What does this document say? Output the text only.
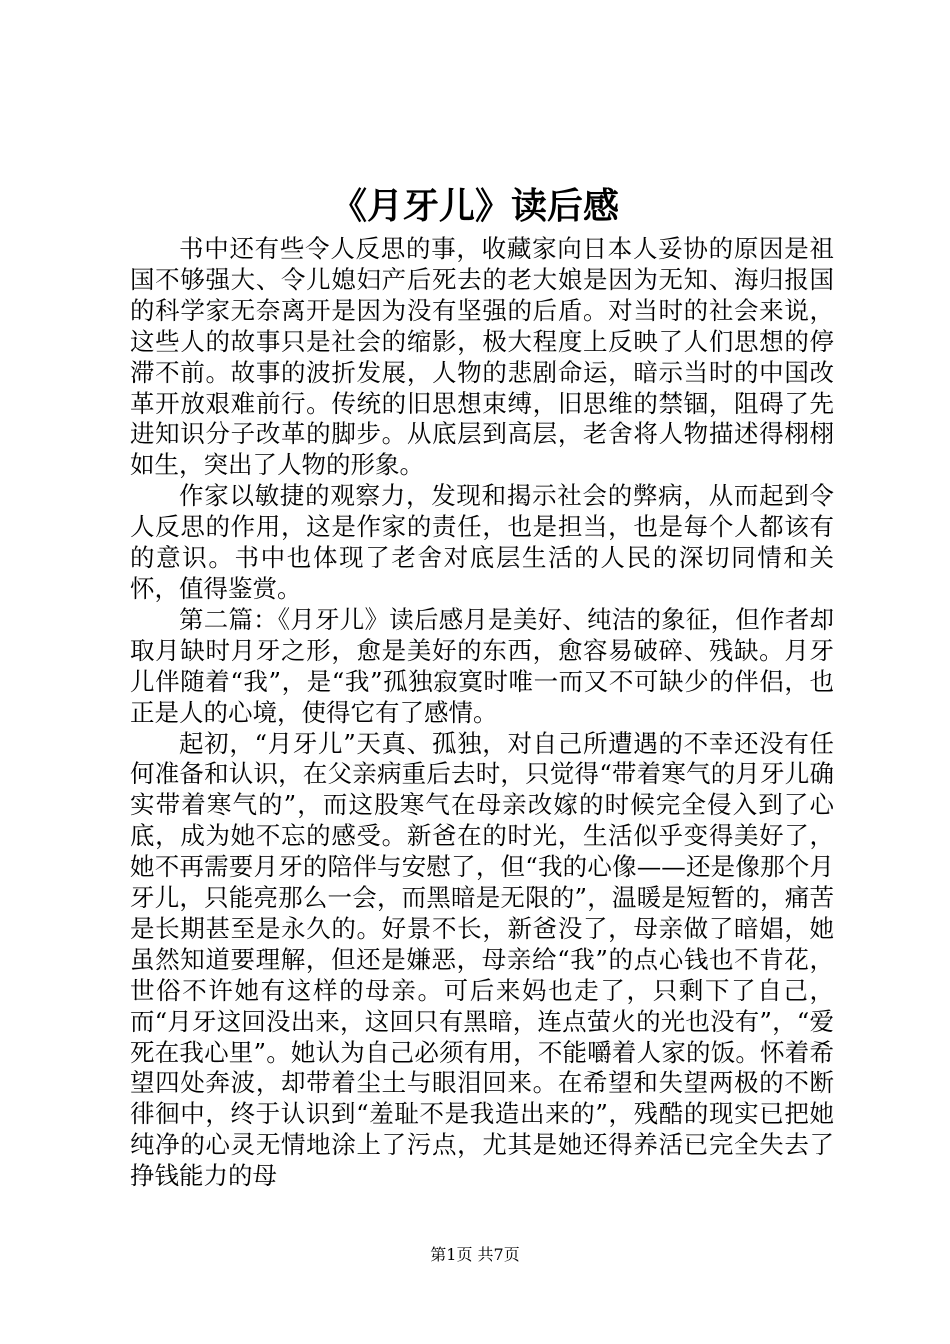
《月牙儿》读后感

书中还有些令人反思的事，收藏家向日本人妥协的原因是祖国不够强大、令儿媳妇产后死去的老大娘是因为无知、海归报国的科学家无奈离开是因为没有坚强的后盾。对当时的社会来说，这些人的故事只是社会的缩影，极大程度上反映了人们思想的停滞不前。故事的波折发展，人物的悲剧命运，暗示当时的中国改革开放艰难前行。传统的旧思想束缚，旧思维的禁锢，阻碍了先进知识分子改革的脚步。从底层到高层，老舍将人物描述得栩栩如生，突出了人物的形象。

作家以敏捷的观察力，发现和揭示社会的弊病，从而起到令人反思的作用，这是作家的责任，也是担当，也是每个人都该有的意识。书中也体现了老舍对底层生活的人民的深切同情和关怀，值得鉴赏。

第二篇：《月牙儿》读后感月是美好、纯洁的象征，但作者却取月缺时月牙之形，愈是美好的东西，愈容易破碎、残缺。月牙儿伴随着“我”，是“我”孤独寂寞时唯一而又不可缺少的伴侣，也正是人的心境，使得它有了感情。

起初，“月牙儿”天真、孤独，对自己所遭遇的不幸还没有任何准备和认识，在父亲病重后去时，只觉得“带着寒气的月牙儿确实带着寒气的”，而这股寒气在母亲改嫁的时候完全侵入到了心底，成为她不忘的感受。新爸在的时光，生活似乎变得美好了，她不再需要月牙的陪伴与安慰了，但“我的心像——还是像那个月牙儿，只能亮那么一会，而黑暗是无限的”，温暖是短暂的，痛苦是长期甚至是永久的。好景不长，新爸没了，母亲做了暗娼，她虽然知道要理解，但还是嫌恶，母亲给“我”的点心钱也不肯花，世俗不许她有这样的母亲。可后来妈也走了，只剩下了自己，而“月牙这回没出来，这回只有黑暗，连点萤火的光也没有”，“爱死在我心里”。她认为自己必须有用，不能嚼着人家的饭。怀着希望四处奔波，却带着尘土与眼泪回来。在希望和失望两极的不断徘徊中，终于认识到“羞耻不是我造出来的”，残酷的现实已把她纯净的心灵无情地涂上了污点，尤其是她还得养活已完全失去了挣钱能力的母

第1页 共7页
